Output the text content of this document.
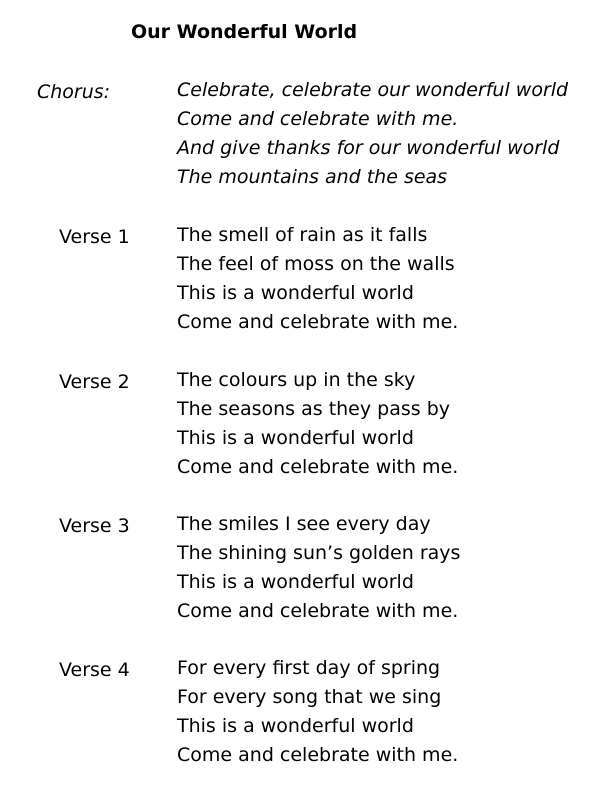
Our Wonderful World
Chorus:	Celebrate, celebrate our wonderful world
Come and celebrate with me.
And give thanks for our wonderful world
The mountains and the seas
Verse 1 The smell of rain as it falls
The feel of moss on the walls
This is a wonderful world
Come and celebrate with me.
Verse 2 The colours up in the sky
The seasons as they pass by
This is a wonderful world
Come and celebrate with me.
Verse 3 The smiles I see every day
The shining sun’s golden rays
This is a wonderful world
Come and celebrate with me.
Verse 4 For every first day of spring
For every song that we sing
This is a wonderful world
Come and celebrate with me.
